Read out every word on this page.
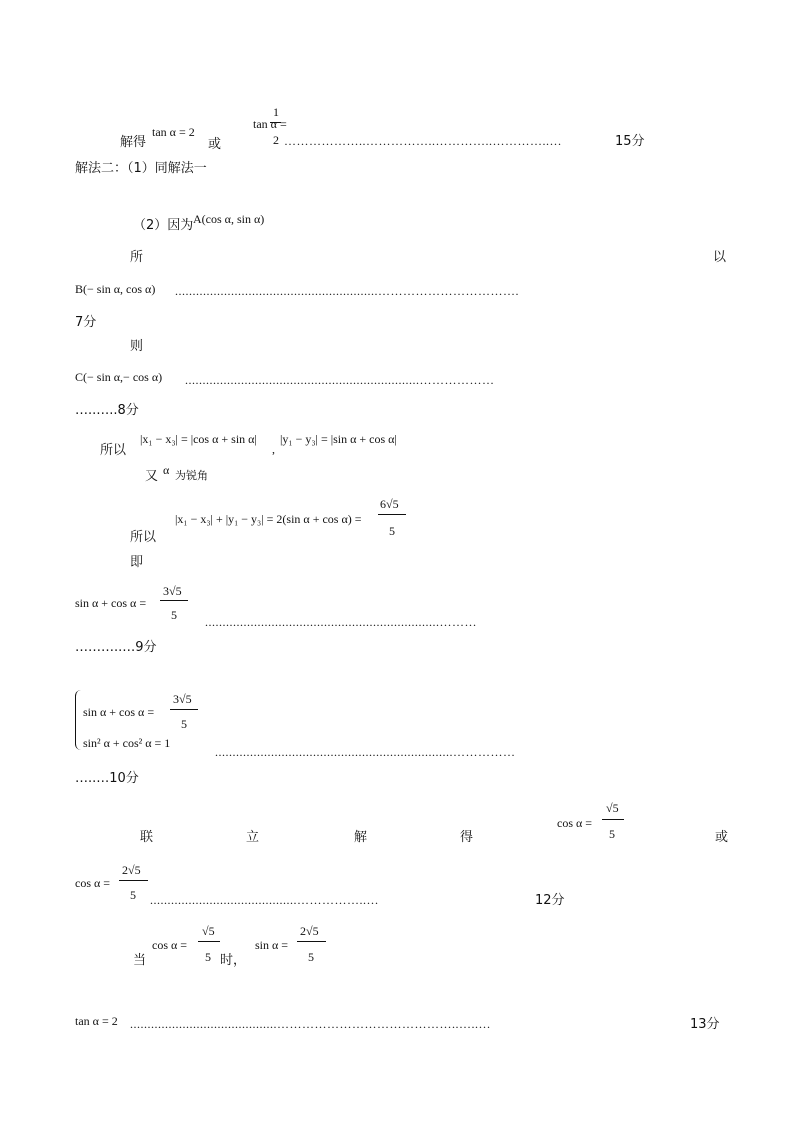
解得
tan α = 2
或
tan α =
1
2 ………………..……………..…………..…………..…	15分
解法二：（1）同解法一
（2）因为 A(cos α, sin α)
所	以
B(− sin α, cos α) ..........................................................…………………………….
7分
则
C(− sin α,− cos α) ...................................................................………………
…..…..8分
所以
|x₁ − x₃| = |cos α + sin α|
,
|y₁ − y₃| = |sin α + cos α|
又 α 为锐角
所以
|x₁ − x₃| + |y₁ − y₃| = 2(sin α + cos α) =
6√5
5
即
sin α + cos α =
3√5
5 ...................................................................………
………..…9分
sin α + cos α =
3√5
5
sin² α + cos² α = 1
....................................................................……………
…..…10分
联	立	解	得
cos α =
√5
5	或
cos α =
2√5
5 ..........................................……………..…	12分
当
cos α =
√5
5 时，
sin α =
2√5
5
tan α = 2 ..........................................……………………………………..…..…	13分
